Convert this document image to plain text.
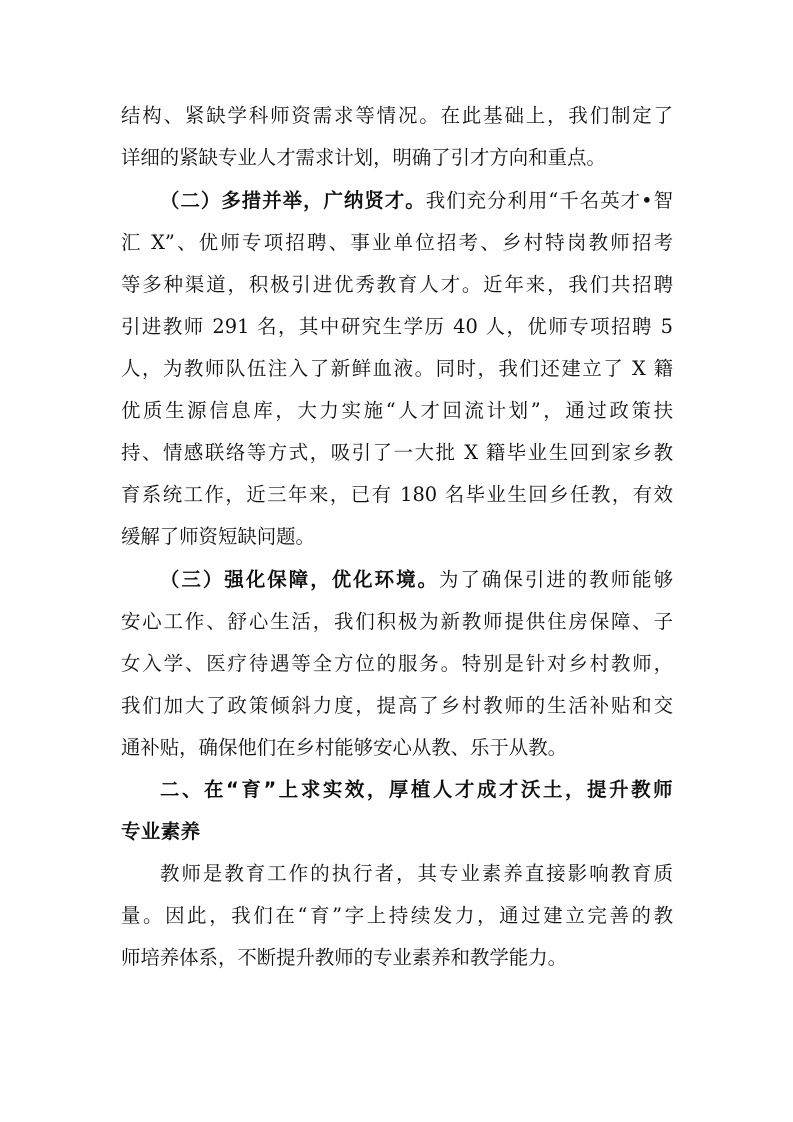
结构、紧缺学科师资需求等情况。在此基础上，我们制定了
详细的紧缺专业人才需求计划，明确了引才方向和重点。
（二）多措并举，广纳贤才。我们充分利用“千名英才•智
汇 X”、优师专项招聘、事业单位招考、乡村特岗教师招考
等多种渠道，积极引进优秀教育人才。近年来，我们共招聘
引进教师 291 名，其中研究生学历 40 人，优师专项招聘 5
人，为教师队伍注入了新鲜血液。同时，我们还建立了 X 籍
优质生源信息库，大力实施“人才回流计划”，通过政策扶
持、情感联络等方式，吸引了一大批 X 籍毕业生回到家乡教
育系统工作，近三年来，已有 180 名毕业生回乡任教，有效
缓解了师资短缺问题。
（三）强化保障，优化环境。为了确保引进的教师能够
安心工作、舒心生活，我们积极为新教师提供住房保障、子
女入学、医疗待遇等全方位的服务。特别是针对乡村教师，
我们加大了政策倾斜力度，提高了乡村教师的生活补贴和交
通补贴，确保他们在乡村能够安心从教、乐于从教。
二、在“育”上求实效，厚植人才成才沃土，提升教师
专业素养
教师是教育工作的执行者，其专业素养直接影响教育质
量。因此，我们在“育”字上持续发力，通过建立完善的教
师培养体系，不断提升教师的专业素养和教学能力。
